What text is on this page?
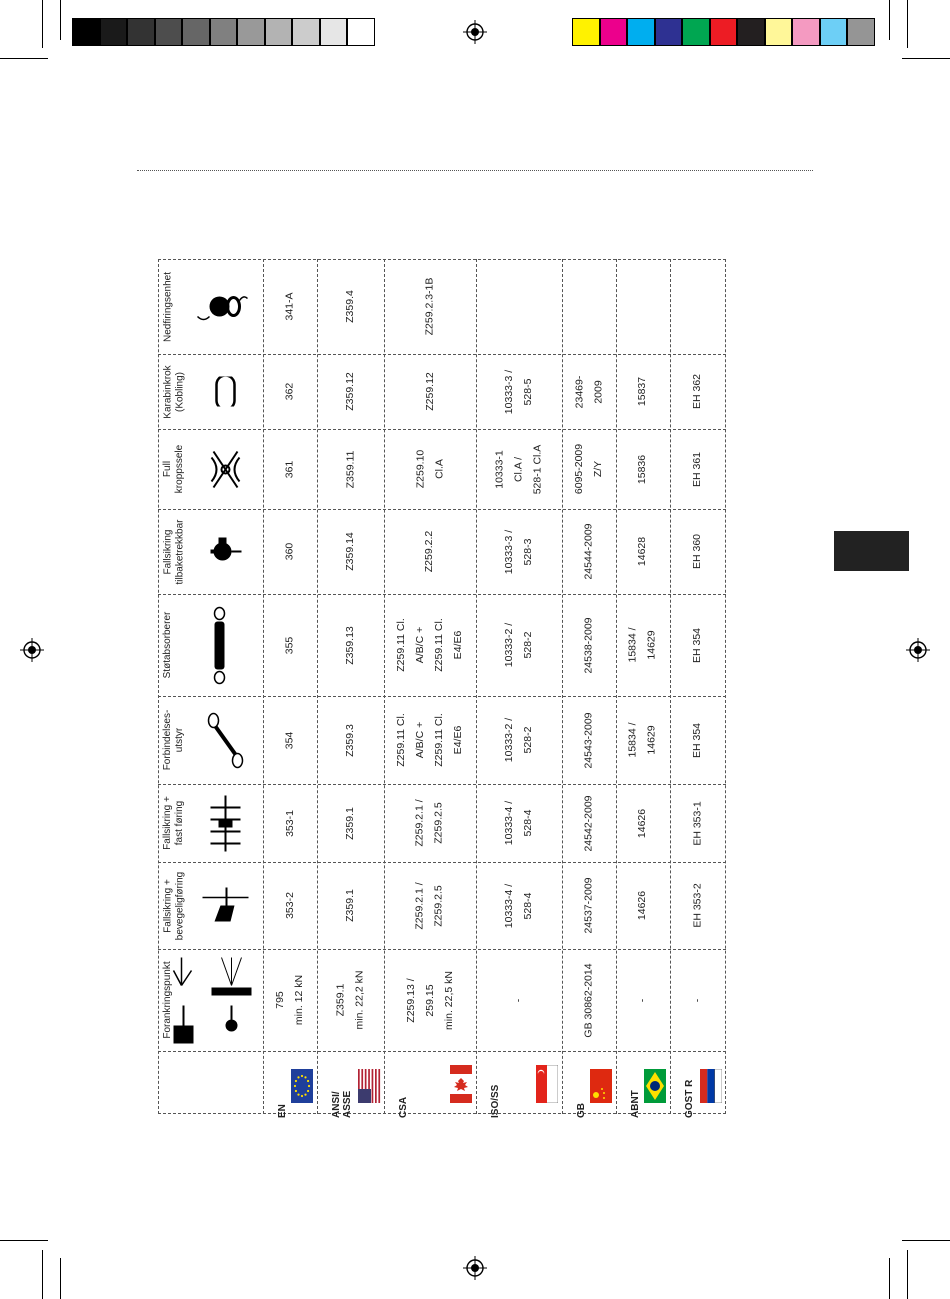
Nedfiringsenhet
Karabinkrok
(Kobling)
Full
kroppssele
Fallsikring
tilbaketrekkbar
Støtabsorberer
Forbindelses-
utstyr
Fallsikring +
fast føring
Fallsikring +
bevegeligføring
Forankringspunkt
EN
341-A
362
361
360
355
354
353-1
353-2
795
min. 12 kN
ANSI/
ASSE
Z359.4
Z359.12
Z359.11
Z359.14
Z359.13
Z359.3
Z359.1
Z359.1
Z359.1
min. 22,2 kN
CSA
Z259.2.3-1B
Z259.12
Z259.10
Cl.A
Z259.2.2
Z259.11 Cl.
A/B/C +
Z259.11 Cl.
E4/E6
Z259.11 Cl.
A/B/C +
Z259.11 Cl.
E4/E6
Z259.2.1 /
Z259.2.5
Z259.2.1 /
Z259.2.5
Z259.13 /
259.15
min. 22,5 kN
ISO/SS
10333-3 /
528-5
10333-1
Cl.A /
528-1 Cl.A
10333-3 /
528-3
10333-2 /
528-2
10333-2 /
528-2
10333-4 /
528-4
10333-4 /
528-4
-
GB
23469-
2009
6095-2009
Z/Y
24544-2009
24538-2009
24543-2009
24542-2009
24537-2009
GB 30862-2014
ABNT
15837
15836
14628
15834 /
14629
15834 /
14629
14626
14626
-
GOST R
ЕН 362
ЕН 361
ЕН 360
ЕН 354
ЕН 354
ЕН 353-1
ЕН 353-2
-
